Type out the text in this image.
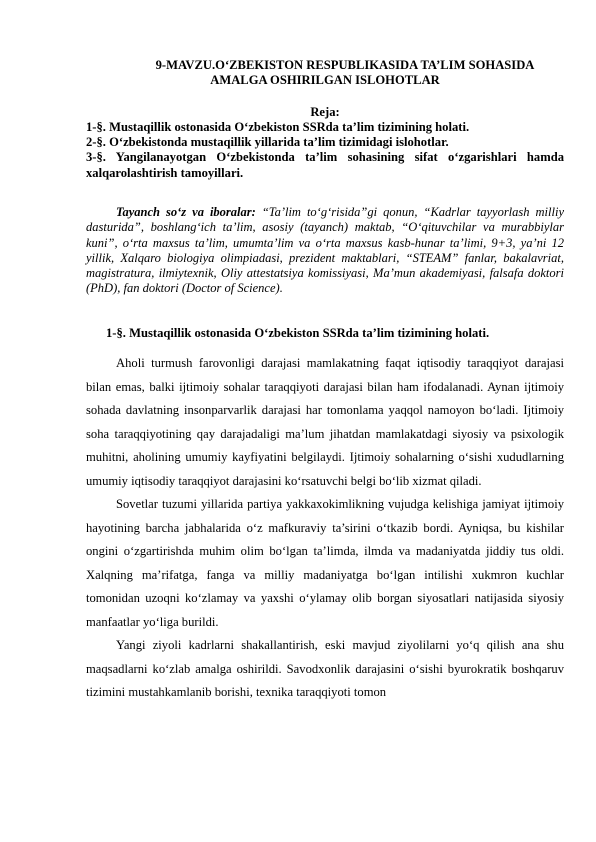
9-MAVZU.O‘ZBEKISTON RESPUBLIKASIDA TA’LIM SOHASIDA
AMALGA OSHIRILGAN ISLOHOTLAR
Reja:
1-§. Mustaqillik ostonasida O‘zbekiston SSRda ta’lim tizimining holati.
2-§. O‘zbekistonda mustaqillik yillarida ta’lim tizimidagi islohotlar.
3-§. Yangilanayotgan O‘zbekistonda ta’lim sohasining sifat o‘zgarishlari hamda xalqarolashtirish tamoyillari.
Tayanch so‘z va iboralar: “Ta’lim to‘g‘risida”gi qonun, “Kadrlar tayyorlash milliy dasturida”, boshlang‘ich ta’lim, asosiy (tayanch) maktab, “O‘qituvchilar va murabbiylar kuni”, o‘rta maxsus ta’lim, umumta’lim va o‘rta maxsus kasb-hunar ta’limi, 9+3, ya’ni 12 yillik, Xalqaro biologiya olimpiadasi, prezident maktablari, “STEAM” fanlar, bakalavriat, magistratura, ilmiytexnik, Oliy attestatsiya komissiyasi, Ma’mun akademiyasi, falsafa doktori (PhD), fan doktori (Doctor of Science).
1-§. Mustaqillik ostonasida O‘zbekiston SSRda ta’lim tizimining holati.

Aholi turmush farovonligi darajasi mamlakatning faqat iqtisodiy taraqqiyot darajasi bilan emas, balki ijtimoiy sohalar taraqqiyoti darajasi bilan ham ifodalanadi. Aynan ijtimoiy sohada davlatning insonparvarlik darajasi har tomonlama yaqqol namoyon bo‘ladi. Ijtimoiy soha taraqqiyotining qay darajadaligi ma’lum jihatdan mamlakatdagi siyosiy va psixologik muhitni, aholining umumiy kayfiyatini belgilaydi. Ijtimoiy sohalarning o‘sishi xududlarning umumiy iqtisodiy taraqqiyot darajasini ko‘rsatuvchi belgi bo‘lib xizmat qiladi.

Sovetlar tuzumi yillarida partiya yakkaxokimlikning vujudga kelishiga jamiyat ijtimoiy hayotining barcha jabhalarida o‘z mafkuraviy ta’sirini o‘tkazib bordi. Ayniqsa, bu kishilar ongini o‘zgartirishda muhim olim bo‘lgan ta’limda, ilmda va madaniyatda jiddiy tus oldi. Xalqning ma’rifatga, fanga va milliy madaniyatga bo‘lgan intilishi xukmron kuchlar tomonidan uzoqni ko‘zlamay va yaxshi o‘ylamay olib borgan siyosatlari natijasida siyosiy manfaatlar yo‘liga burildi.

Yangi ziyoli kadrlarni shakallantirish, eski mavjud ziyolilarni yo‘q qilish ana shu maqsadlarni ko‘zlab amalga oshirildi. Savodxonlik darajasini o‘sishi byurokratik boshqaruv tizimini mustahkamlanib borishi, texnika taraqqiyoti tomon
